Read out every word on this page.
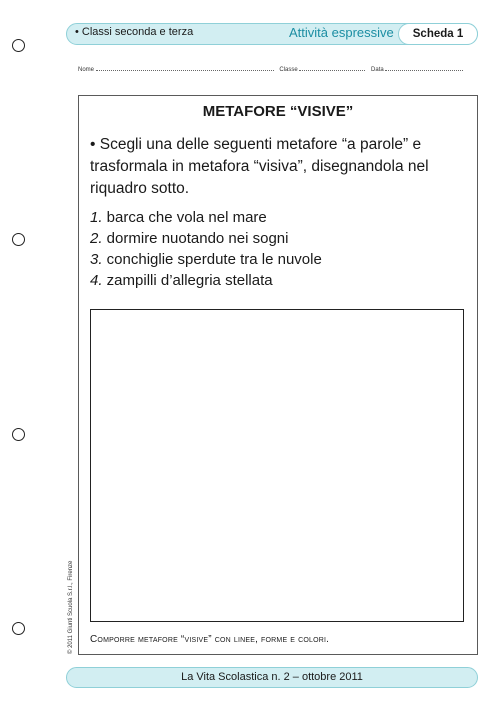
• Classi seconda e terza	Attività espressive	Scheda 1
Nome	Classe	Data
METAFORE “VISIVE”
• Scegli una delle seguenti metafore “a parole” e trasformala in metafora “visiva”, disegnandola nel riquadro sotto.
1. barca che vola nel mare
2. dormire nuotando nei sogni
3. conchiglie sperdute tra le nuvole
4. zampilli d’allegria stellata
Comporre metafore “visive” con linee, forme e colori.
© 2011 Giunti Scuola S.r.l., Firenze
La Vita Scolastica n. 2 – ottobre 2011
